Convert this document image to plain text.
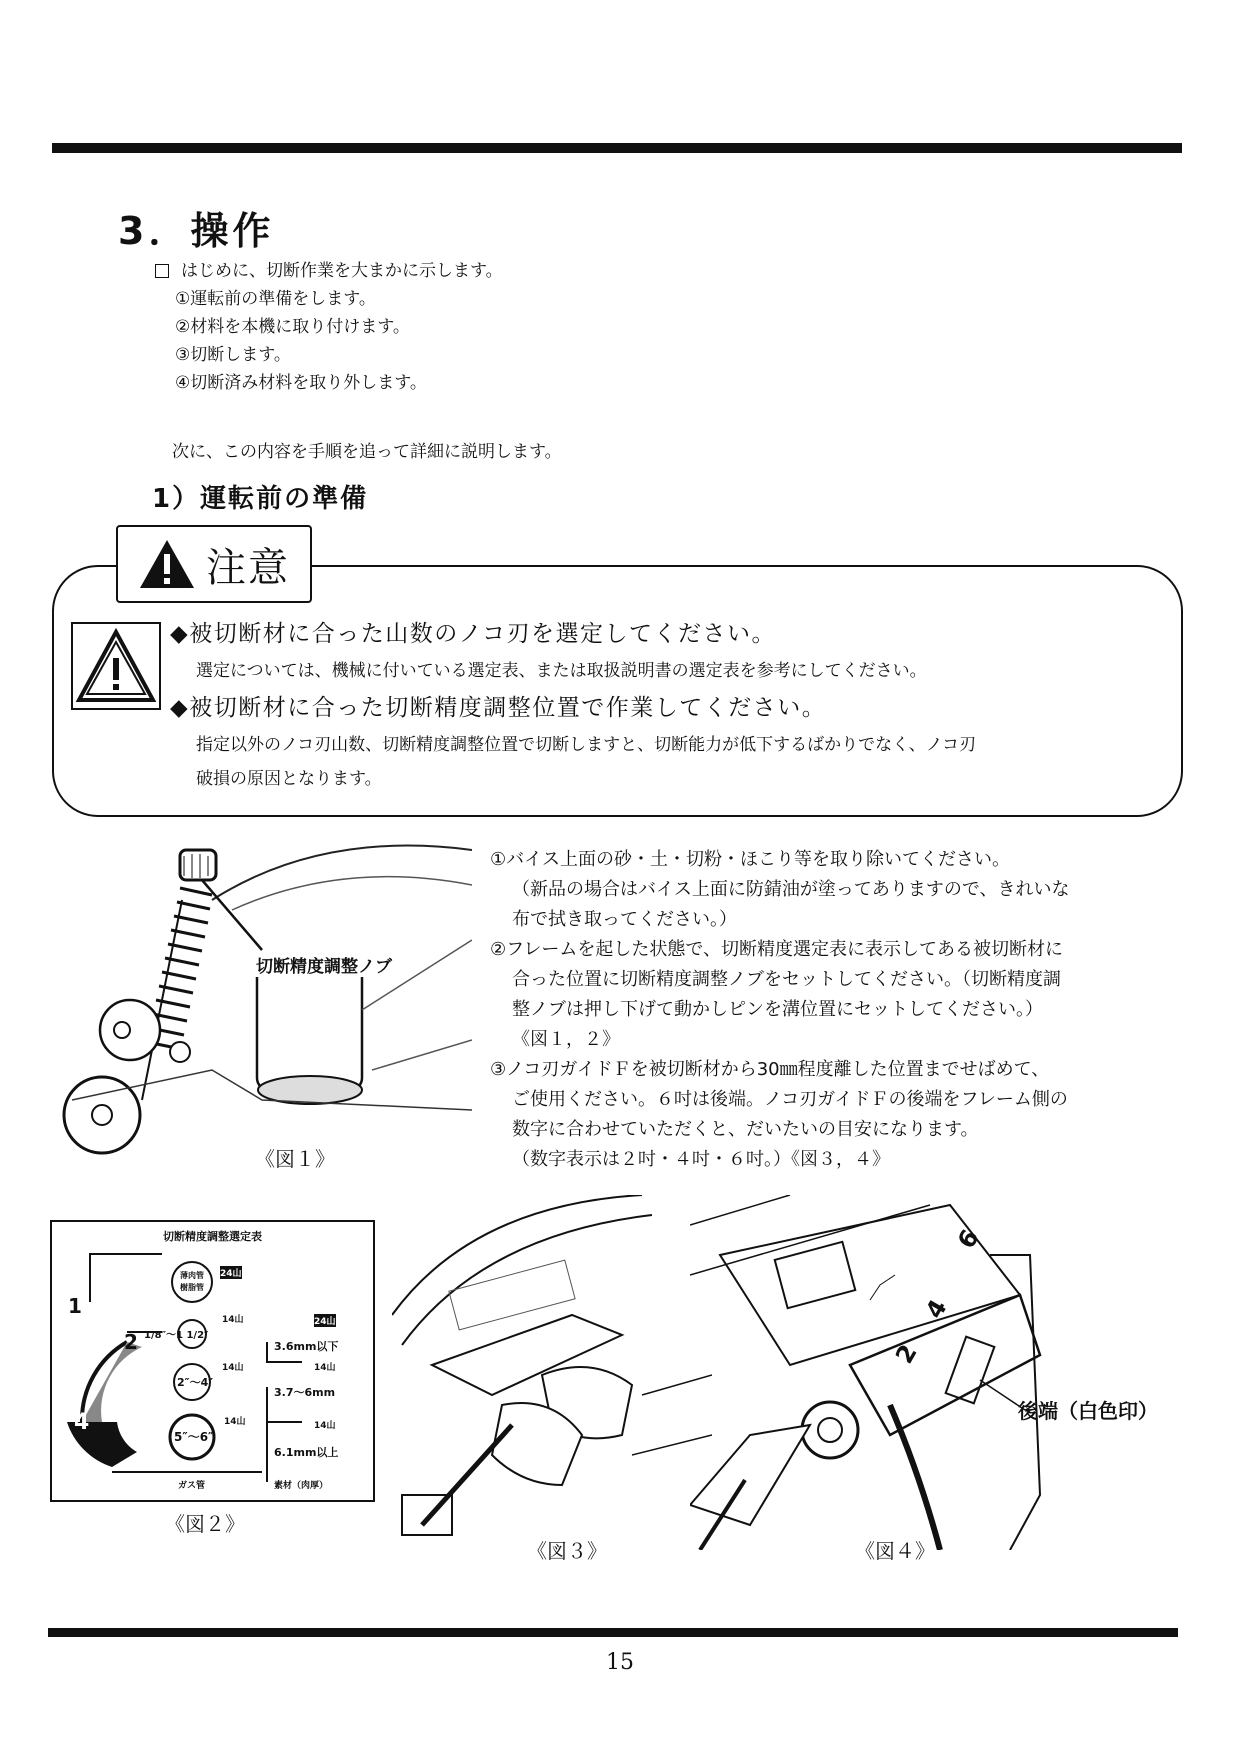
3．操作
はじめに、切断作業を大まかに示します。
①運転前の準備をします。
②材料を本機に取り付けます。
③切断します。
④切断済み材料を取り外します。
次に、この内容を手順を追って詳細に説明します。
1）運転前の準備
注意
◆被切断材に合った山数のノコ刃を選定してください。
選定については、機械に付いている選定表、または取扱説明書の選定表を参考にしてください。
◆被切断材に合った切断精度調整位置で作業してください。
指定以外のノコ刃山数、切断精度調整位置で切断しますと、切断能力が低下するばかりでなく、ノコ刃
破損の原因となります。
切断精度調整ノブ
《図１》
①バイス上面の砂・土・切粉・ほこり等を取り除いてください。
（新品の場合はバイス上面に防錆油が塗ってありますので、きれいな
布で拭き取ってください。）
②フレームを起した状態で、切断精度選定表に表示してある被切断材に
合った位置に切断精度調整ノブをセットしてください。（切断精度調
整ノブは押し下げて動かしピンを溝位置にセットしてください。）
《図１，２》
③ノコ刃ガイドＦを被切断材から30㎜程度離した位置までせばめて、
ご使用ください。６吋は後端。ノコ刃ガイドＦの後端をフレーム側の
数字に合わせていただくと、だいたいの目安になります。
（数字表示は２吋・４吋・６吋。）《図３，４》
切断精度調整選定表
1
2
3
4
薄肉管
樹脂管
24山
1/8″〜1 1/2″
14山	24山
3.6mm以下
2″〜4″
14山	14山
3.7〜6mm
5″〜6″
14山	14山
6.1mm以上
ガス管	素材（肉厚）
《図２》
《図３》
6
4
2
後端（白色印）
《図４》
15
